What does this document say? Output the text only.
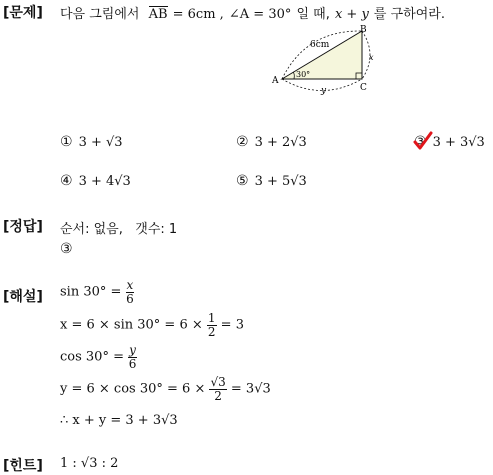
[문제] 다음 그림에서 AB = 6cm , ∠A = 30° 일 때, x + y 를 구하여라.
A
B
C
6cm
30°
y
x
① 3 + √3	② 3 + 2√3	③ 3 + 3√3
④ 3 + 4√3	⑤ 3 + 5√3
[정답] 순서: 없음,   갯수: 1
③
[해설] $\sin 30^\circ = \frac{x}{6}$
$x = 6 \times \sin 30^\circ = 6 \times \frac{1}{2} = 3$
$\cos 30^\circ = \frac{y}{6}$
$y = 6 \times \cos 30^\circ = 6 \times \frac{√3}{2} = 3√3$
∴ x + y = 3 + 3√3
[힌트] 1 : √3 : 2
